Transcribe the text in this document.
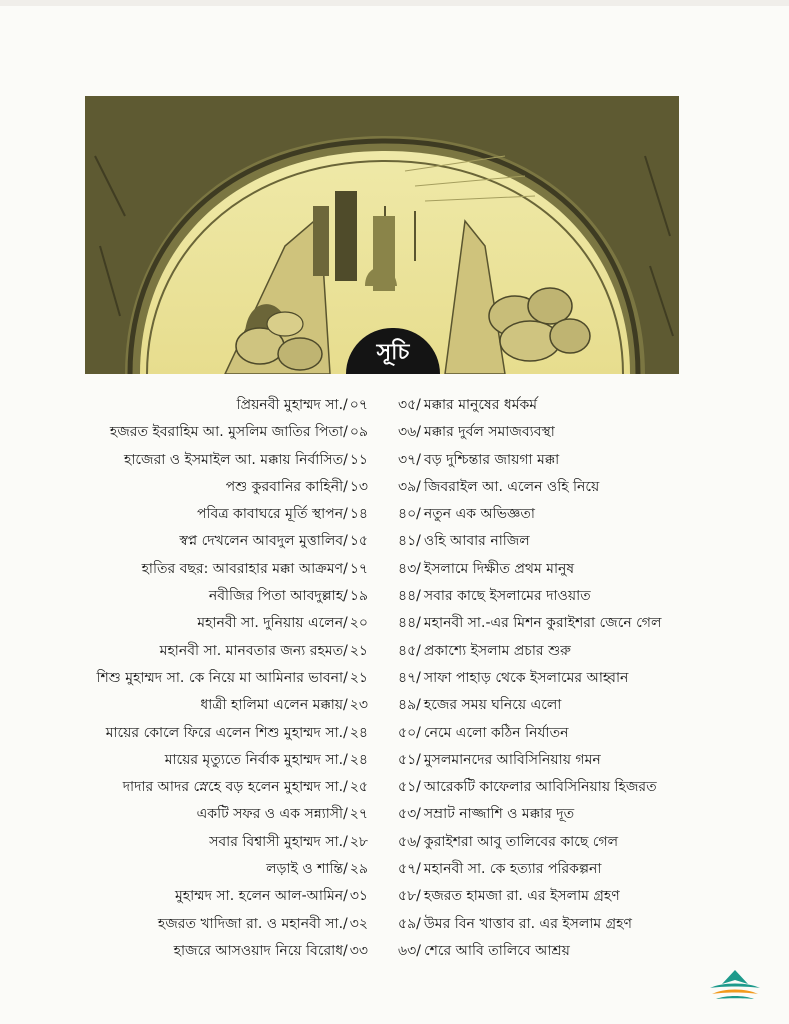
সূচি
প্রিয়নবী মুহাম্মদ সা./ ০৭
হজরত ইবরাহিম আ. মুসলিম জাতির পিতা/ ০৯
হাজেরা ও ইসমাইল আ. মক্কায় নির্বাসিত/ ১১
পশু কুরবানির কাহিনী/ ১৩
পবিত্র কাবাঘরে মূর্তি স্থাপন/ ১৪
স্বপ্ন দেখলেন আবদুল মুত্তালিব/ ১৫
হাতির বছর: আবরাহার মক্কা আক্রমণ/ ১৭
নবীজির পিতা আবদুল্লাহ/ ১৯
মহানবী সা. দুনিয়ায় এলেন/ ২০
মহানবী সা. মানবতার জন্য রহমত/ ২১
শিশু মুহাম্মদ সা. কে নিয়ে মা আমিনার ভাবনা/ ২১
ধাত্রী হালিমা এলেন মক্কায়/ ২৩
মায়ের কোলে ফিরে এলেন শিশু মুহাম্মদ সা./ ২৪
মায়ের মৃত্যুতে নির্বাক মুহাম্মদ সা./ ২৪
দাদার আদর স্নেহে বড় হলেন মুহাম্মদ সা./ ২৫
একটি সফর ও এক সন্ন্যাসী/ ২৭
সবার বিশ্বাসী মুহাম্মদ সা./ ২৮
লড়াই ও শান্তি/ ২৯
মুহাম্মদ সা. হলেন আল-আমিন/ ৩১
হজরত খাদিজা রা. ও মহানবী সা./ ৩২
হাজরে আসওয়াদ নিয়ে বিরোধ/ ৩৩
৩৫/ মক্কার মানুষের ধর্মকর্ম
৩৬/ মক্কার দুর্বল সমাজব্যবস্থা
৩৭/ বড় দুশ্চিন্তার জায়গা মক্কা
৩৯/ জিবরাইল আ. এলেন ওহি নিয়ে
৪০/ নতুন এক অভিজ্ঞতা
৪১/ ওহি আবার নাজিল
৪৩/ ইসলামে দিক্ষীত প্রথম মানুষ
৪৪/ সবার কাছে ইসলামের দাওয়াত
৪৪/ মহানবী সা.-এর মিশন কুরাইশরা জেনে গেল
৪৫/ প্রকাশ্যে ইসলাম প্রচার শুরু
৪৭/ সাফা পাহাড় থেকে ইসলামের আহ্বান
৪৯/ হজের সময় ঘনিয়ে এলো
৫০/ নেমে এলো কঠিন নির্যাতন
৫১/ মুসলমানদের আবিসিনিয়ায় গমন
৫১/ আরেকটি কাফেলার আবিসিনিয়ায় হিজরত
৫৩/ সম্রাট নাজ্জাশি ও মক্কার দূত
৫৬/ কুরাইশরা আবু তালিবের কাছে গেল
৫৭/ মহানবী সা. কে হত্যার পরিকল্পনা
৫৮/ হজরত হামজা রা. এর ইসলাম গ্রহণ
৫৯/ উমর বিন খাত্তাব রা. এর ইসলাম গ্রহণ
৬৩/ শেরে আবি তালিবে আশ্রয়
